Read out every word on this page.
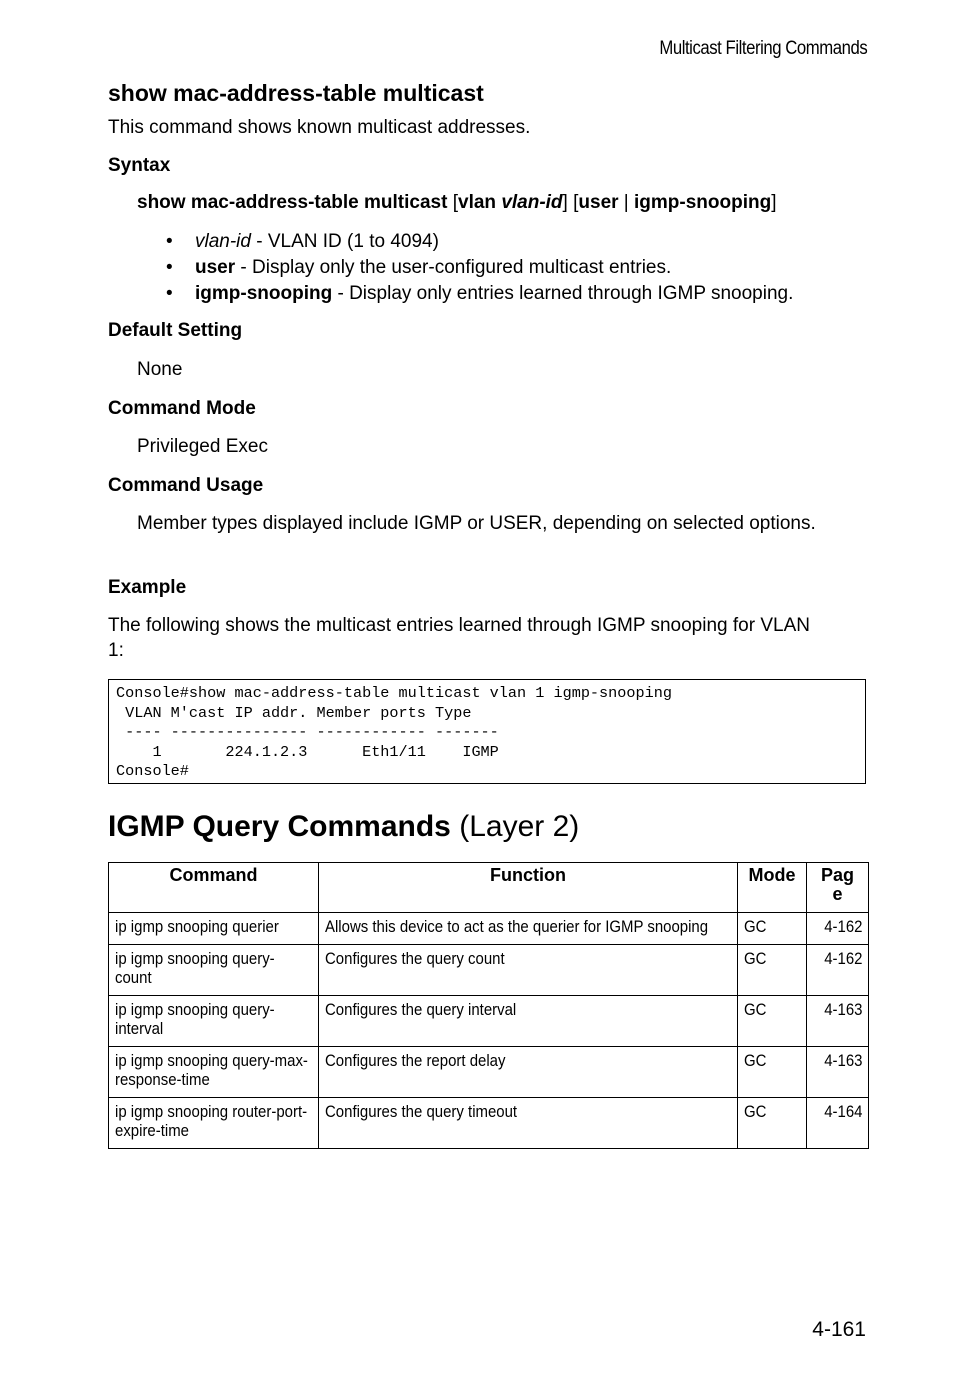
Multicast Filtering Commands
show mac-address-table multicast
This command shows known multicast addresses.
Syntax
show mac-address-table multicast [vlan vlan-id] [user | igmp-snooping]
• vlan-id - VLAN ID (1 to 4094)
• user - Display only the user-configured multicast entries.
• igmp-snooping - Display only entries learned through IGMP snooping.
Default Setting
None
Command Mode
Privileged Exec
Command Usage
Member types displayed include IGMP or USER, depending on selected options.
Example
The following shows the multicast entries learned through IGMP snooping for VLAN 1:
Console#show mac-address-table multicast vlan 1 igmp-snooping
VLAN M'cast IP addr. Member ports Type
---- --------------- ------------ -------
1       224.1.2.3      Eth1/11    IGMP
Console#
IGMP Query Commands (Layer 2)
Command	Function	Mode	Page
ip igmp snooping querier	Allows this device to act as the querier for IGMP snooping	GC	4-162
ip igmp snooping query-count	Configures the query count	GC	4-162
ip igmp snooping query-interval	Configures the query interval	GC	4-163
ip igmp snooping query-max-response-time	Configures the report delay	GC	4-163
ip igmp snooping router-port-expire-time	Configures the query timeout	GC	4-164
4-161
